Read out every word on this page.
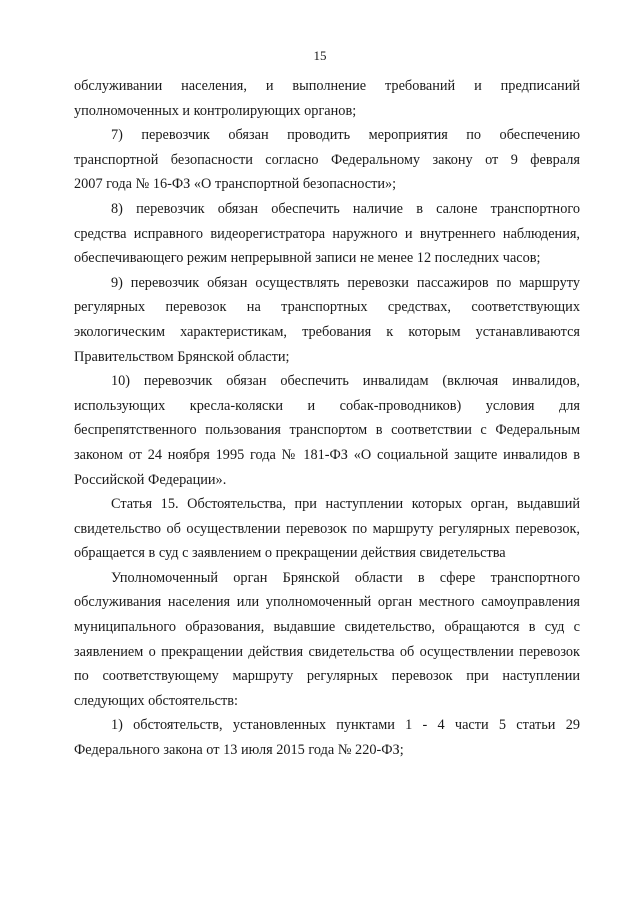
15
обслуживании населения, и выполнение требований и предписаний
уполномоченных и контролирующих органов;
7) перевозчик обязан проводить мероприятия по обеспечению
транспортной безопасности согласно Федеральному закону от 9 февраля
2007 года № 16-ФЗ «О транспортной безопасности»;
8) перевозчик обязан обеспечить наличие в салоне транспортного
средства исправного видеорегистратора наружного и внутреннего наблюдения,
обеспечивающего режим непрерывной записи не менее 12 последних часов;
9) перевозчик обязан осуществлять перевозки пассажиров по маршруту
регулярных перевозок на транспортных средствах, соответствующих
экологическим характеристикам, требования к которым устанавливаются
Правительством Брянской области;
10) перевозчик обязан обеспечить инвалидам (включая инвалидов,
использующих кресла-коляски и собак-проводников) условия для
беспрепятственного пользования транспортом в соответствии с Федеральным
законом от 24 ноября 1995 года № 181-ФЗ «О социальной защите инвалидов в
Российской Федерации».
Статья 15. Обстоятельства, при наступлении которых орган, выдавший
свидетельство об осуществлении перевозок по маршруту регулярных перевозок,
обращается в суд с заявлением о прекращении действия свидетельства
Уполномоченный орган Брянской области в сфере транспортного
обслуживания населения или уполномоченный орган местного самоуправления
муниципального образования, выдавшие свидетельство, обращаются в суд с
заявлением о прекращении действия свидетельства об осуществлении перевозок
по соответствующему маршруту регулярных перевозок при наступлении
следующих обстоятельств:
1) обстоятельств, установленных пунктами 1 - 4 части 5 статьи 29
Федерального закона от 13 июля 2015 года № 220-ФЗ;
